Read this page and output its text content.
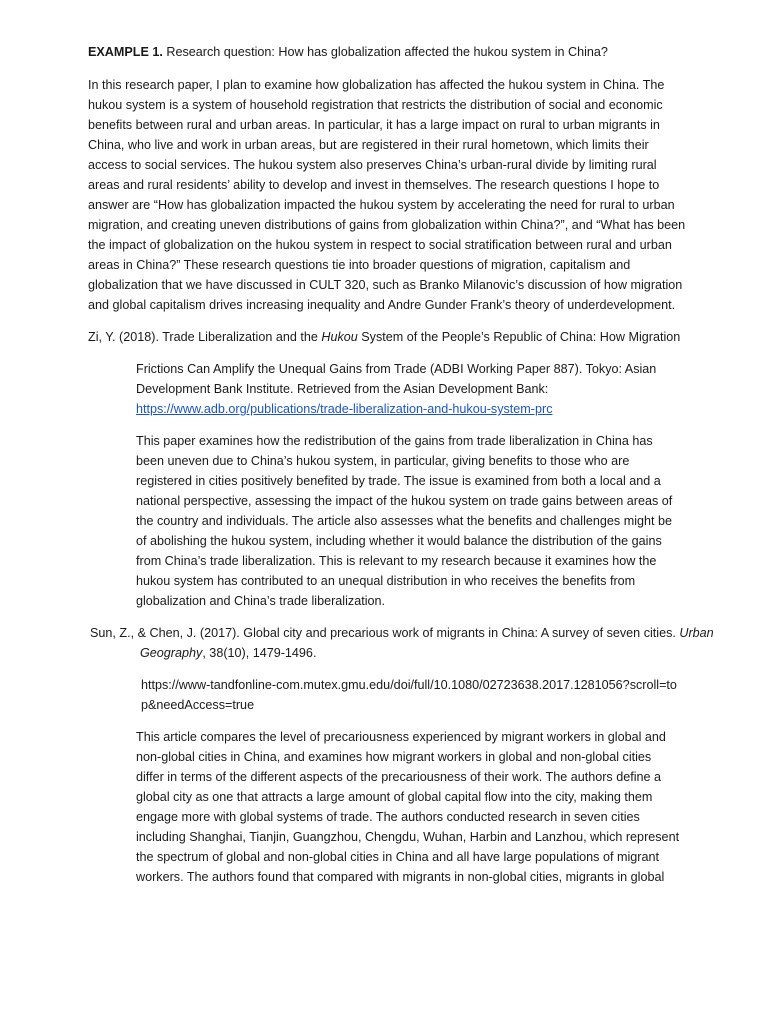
EXAMPLE 1. Research question: How has globalization affected the hukou system in China?

In this research paper, I plan to examine how globalization has affected the hukou system in China. The hukou system is a system of household registration that restricts the distribution of social and economic benefits between rural and urban areas. In particular, it has a large impact on rural to urban migrants in China, who live and work in urban areas, but are registered in their rural hometown, which limits their access to social services. The hukou system also preserves China’s urban-rural divide by limiting rural areas and rural residents’ ability to develop and invest in themselves. The research questions I hope to answer are “How has globalization impacted the hukou system by accelerating the need for rural to urban migration, and creating uneven distributions of gains from globalization within China?”, and “What has been the impact of globalization on the hukou system in respect to social stratification between rural and urban areas in China?” These research questions tie into broader questions of migration, capitalism and globalization that we have discussed in CULT 320, such as Branko Milanovic’s discussion of how migration and global capitalism drives increasing inequality and Andre Gunder Frank’s theory of underdevelopment.

Zi, Y. (2018). Trade Liberalization and the Hukou System of the People’s Republic of China: How Migration

Frictions Can Amplify the Unequal Gains from Trade (ADBI Working Paper 887). Tokyo: Asian Development Bank Institute. Retrieved from the Asian Development Bank: https://www.adb.org/publications/trade-liberalization-and-hukou-system-prc

This paper examines how the redistribution of the gains from trade liberalization in China has been uneven due to China’s hukou system, in particular, giving benefits to those who are registered in cities positively benefited by trade. The issue is examined from both a local and a national perspective, assessing the impact of the hukou system on trade gains between areas of the country and individuals. The article also assesses what the benefits and challenges might be of abolishing the hukou system, including whether it would balance the distribution of the gains from China’s trade liberalization. This is relevant to my research because it examines how the hukou system has contributed to an unequal distribution in who receives the benefits from globalization and China’s trade liberalization.

Sun, Z., & Chen, J. (2017). Global city and precarious work of migrants in China: A survey of seven cities. Urban Geography, 38(10), 1479-1496.

https://www-tandfonline-com.mutex.gmu.edu/doi/full/10.1080/02723638.2017.1281056?scroll=top&needAccess=true

This article compares the level of precariousness experienced by migrant workers in global and non-global cities in China, and examines how migrant workers in global and non-global cities differ in terms of the different aspects of the precariousness of their work. The authors define a global city as one that attracts a large amount of global capital flow into the city, making them engage more with global systems of trade. The authors conducted research in seven cities including Shanghai, Tianjin, Guangzhou, Chengdu, Wuhan, Harbin and Lanzhou, which represent the spectrum of global and non-global cities in China and all have large populations of migrant workers. The authors found that compared with migrants in non-global cities, migrants in global
